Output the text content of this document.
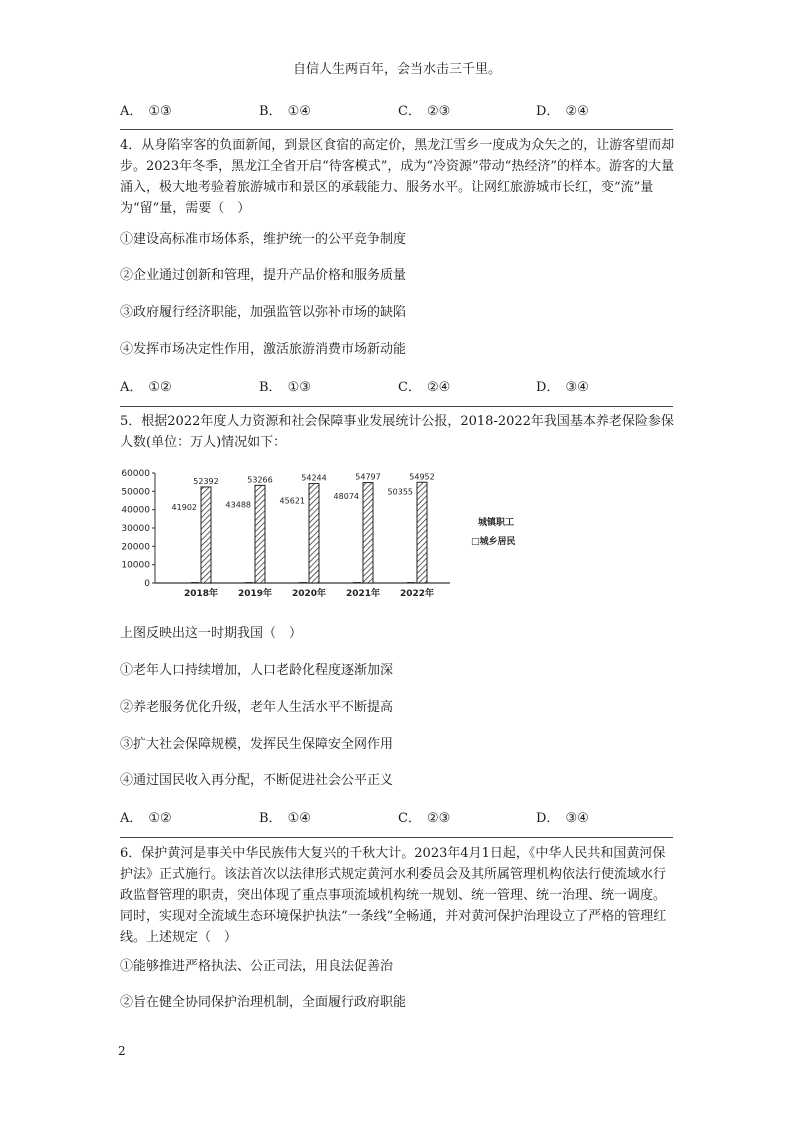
自信人生两百年，会当水击三千里。
A． ①③	B． ①④	C． ②③	D． ②④

4．从身陷宰客的负面新闻，到景区食宿的高定价，黑龙江雪乡一度成为众矢之的，让游客望而却步。2023年冬季，黑龙江全省开启“待客模式”，成为“冷资源”带动“热经济”的样本。游客的大量涌入，极大地考验着旅游城市和景区的承载能力、服务水平。让网红旅游城市长红，变“流”量为“留”量，需要（　）

①建设高标准市场体系，维护统一的公平竞争制度

②企业通过创新和管理，提升产品价格和服务质量

③政府履行经济职能，加强监管以弥补市场的缺陷

④发挥市场决定性作用，激活旅游消费市场新动能

A． ①②	B． ①③	C． ②④	D． ③④

5．根据2022年度人力资源和社会保障事业发展统计公报，2018-2022年我国基本养老保险参保人数(单位：万人)情况如下：

0
10000
20000
30000
40000
50000
60000
41902
52392
2018年
43488
53266
2019年
45621
54244
2020年
48074
54797
2021年
50355
54952
2022年
城镇职工
□城乡居民

上图反映出这一时期我国（　）

①老年人口持续增加，人口老龄化程度逐渐加深

②养老服务优化升级，老年人生活水平不断提高

③扩大社会保障规模，发挥民生保障安全网作用

④通过国民收入再分配，不断促进社会公平正义

A． ①②	B． ①④	C． ②③	D． ③④

6．保护黄河是事关中华民族伟大复兴的千秋大计。2023年4月1日起，《中华人民共和国黄河保护法》正式施行。该法首次以法律形式规定黄河水利委员会及其所属管理机构依法行使流域水行政监督管理的职责，突出体现了重点事项流域机构统一规划、统一管理、统一治理、统一调度。同时，实现对全流域生态环境保护执法“一条线”全畅通，并对黄河保护治理设立了严格的管理红线。上述规定（　）

①能够推进严格执法、公正司法，用良法促善治

②旨在健全协同保护治理机制，全面履行政府职能

2
